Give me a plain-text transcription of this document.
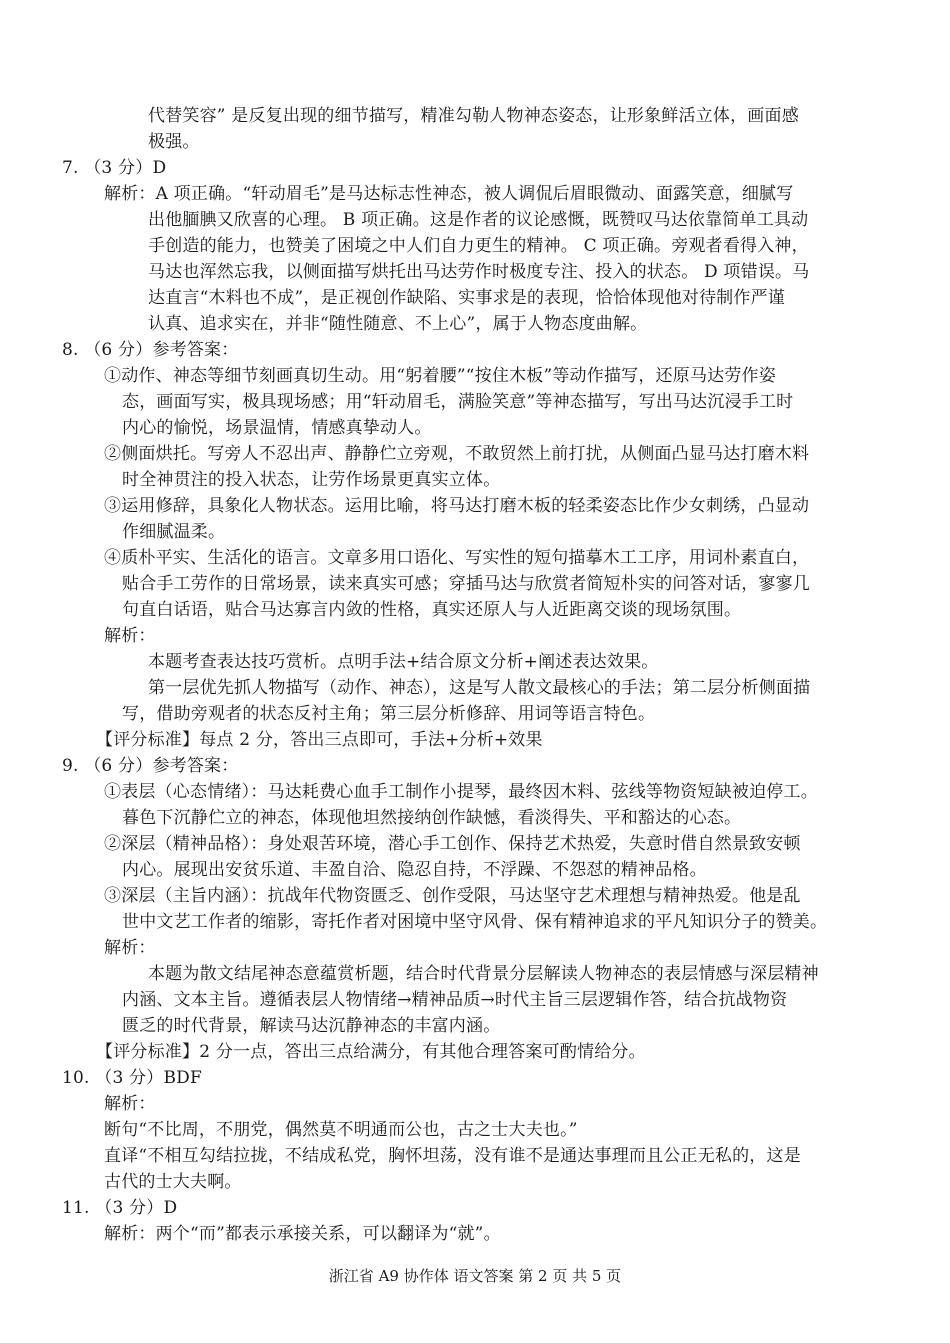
代替笑容” 是反复出现的细节描写，精准勾勒人物神态姿态，让形象鲜活立体，画面感
极强。
7. （3 分）D
解析：A 项正确。“轩动眉毛”是马达标志性神态，被人调侃后眉眼微动、面露笑意，细腻写
出他腼腆又欣喜的心理。 B 项正确。这是作者的议论感慨，既赞叹马达依靠简单工具动
手创造的能力，也赞美了困境之中人们自力更生的精神。 C 项正确。旁观者看得入神，
马达也浑然忘我，以侧面描写烘托出马达劳作时极度专注、投入的状态。 D 项错误。马
达直言“木料也不成”，是正视创作缺陷、实事求是的表现，恰恰体现他对待制作严谨
认真、追求实在，并非“随性随意、不上心”，属于人物态度曲解。
8. （6 分）参考答案：
①动作、神态等细节刻画真切生动。用“躬着腰”“按住木板”等动作描写，还原马达劳作姿
态，画面写实，极具现场感；用“轩动眉毛，满脸笑意”等神态描写，写出马达沉浸手工时
内心的愉悦，场景温情，情感真挚动人。
②侧面烘托。写旁人不忍出声、静静伫立旁观，不敢贸然上前打扰，从侧面凸显马达打磨木料
时全神贯注的投入状态，让劳作场景更真实立体。
③运用修辞，具象化人物状态。运用比喻，将马达打磨木板的轻柔姿态比作少女刺绣，凸显动
作细腻温柔。
④质朴平实、生活化的语言。文章多用口语化、写实性的短句描摹木工工序，用词朴素直白，
贴合手工劳作的日常场景，读来真实可感；穿插马达与欣赏者简短朴实的问答对话，寥寥几
句直白话语，贴合马达寡言内敛的性格，真实还原人与人近距离交谈的现场氛围。
解析：
本题考查表达技巧赏析。点明手法+结合原文分析+阐述表达效果。
第一层优先抓人物描写（动作、神态），这是写人散文最核心的手法；第二层分析侧面描
写，借助旁观者的状态反衬主角；第三层分析修辞、用词等语言特色。
【评分标准】每点 2 分，答出三点即可，手法+分析+效果
9. （6 分）参考答案：
①表层（心态情绪）：马达耗费心血手工制作小提琴，最终因木料、弦线等物资短缺被迫停工。
暮色下沉静伫立的神态，体现他坦然接纳创作缺憾，看淡得失、平和豁达的心态。
②深层（精神品格）：身处艰苦环境，潜心手工创作、保持艺术热爱，失意时借自然景致安顿
内心。展现出安贫乐道、丰盈自洽、隐忍自持，不浮躁、不怨怼的精神品格。
③深层（主旨内涵）：抗战年代物资匮乏、创作受限，马达坚守艺术理想与精神热爱。他是乱
世中文艺工作者的缩影，寄托作者对困境中坚守风骨、保有精神追求的平凡知识分子的赞美。
解析：
本题为散文结尾神态意蕴赏析题，结合时代背景分层解读人物神态的表层情感与深层精神
内涵、文本主旨。遵循表层人物情绪→精神品质→时代主旨三层逻辑作答，结合抗战物资
匮乏的时代背景，解读马达沉静神态的丰富内涵。
【评分标准】2 分一点，答出三点给满分，有其他合理答案可酌情给分。
10. （3 分）BDF
解析：
断句“不比周，不朋党，偶然莫不明通而公也，古之士大夫也。”
直译“不相互勾结拉拢，不结成私党，胸怀坦荡，没有谁不是通达事理而且公正无私的，这是
古代的士大夫啊。
11. （3 分）D
解析：两个“而”都表示承接关系，可以翻译为“就”。
浙江省 A9 协作体 语文答案 第 2 页 共 5 页
